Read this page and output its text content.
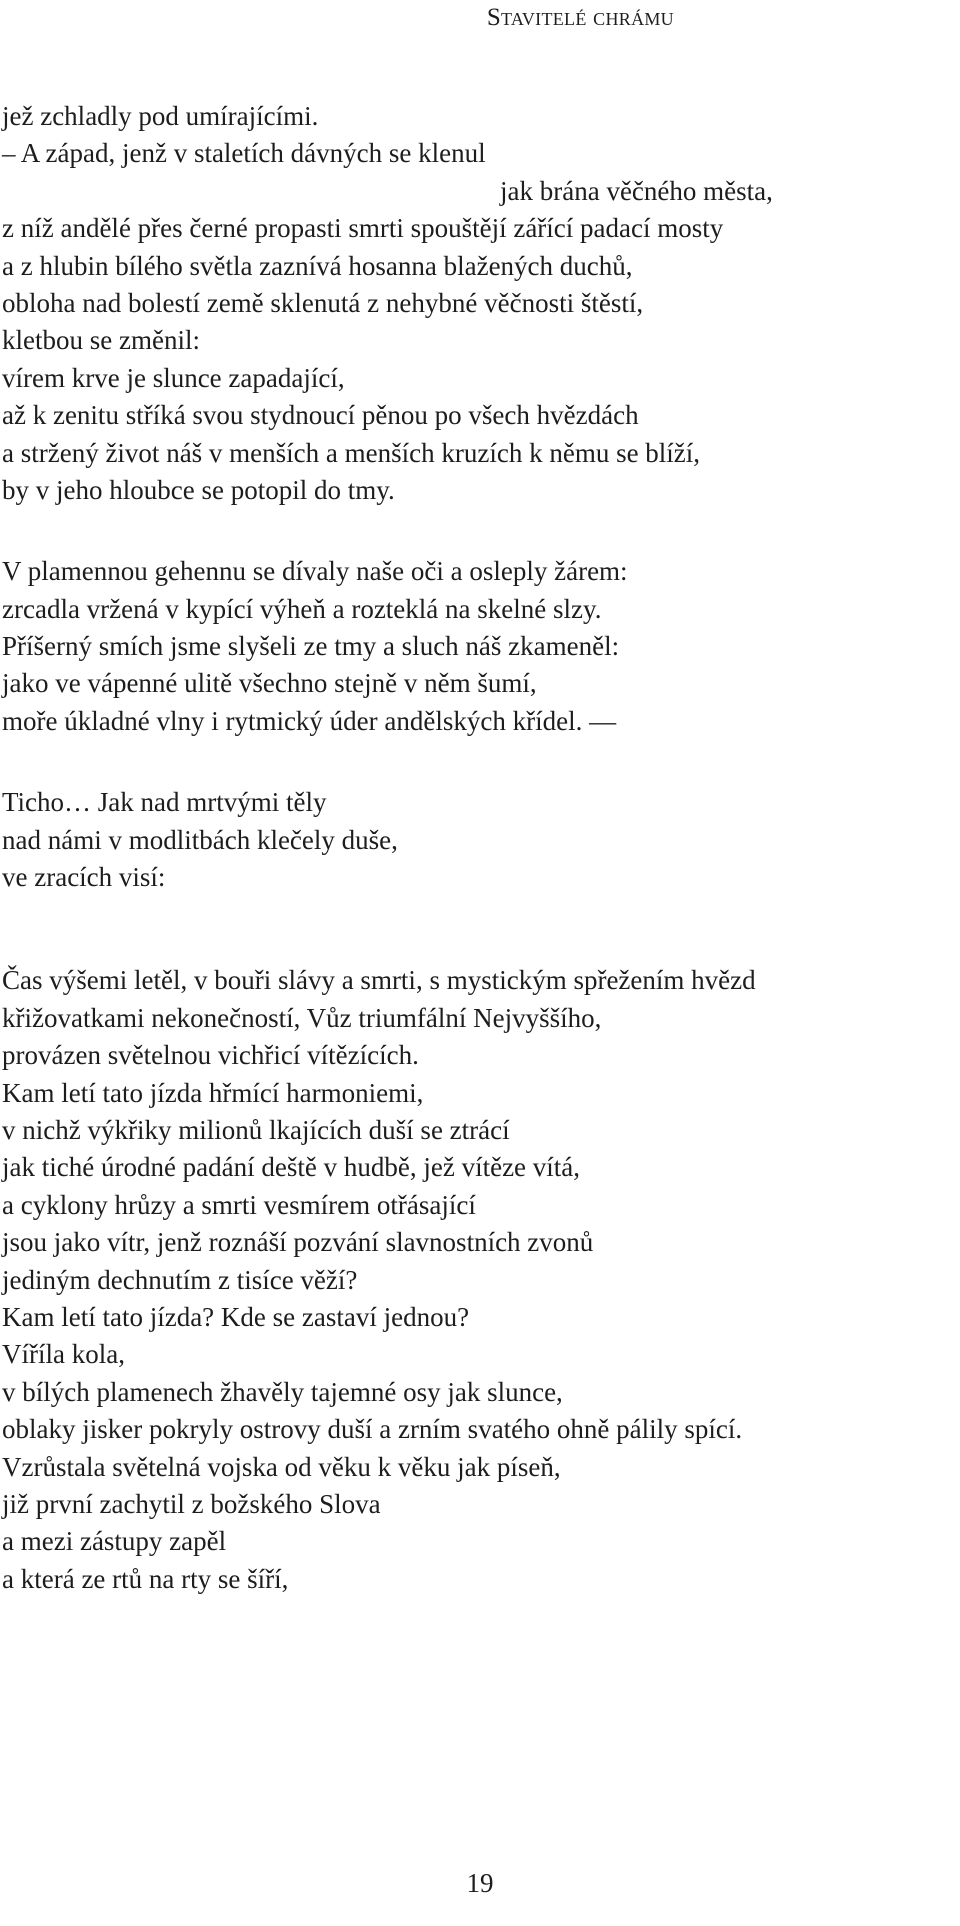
Stavitelé chrámu
jež zchladly pod umírajícími.
– A západ, jenž v staletích dávných se klenul
jak brána věčného města,
z níž andělé přes černé propasti smrti spouštějí zářící padací mosty
a z hlubin bílého světla zaznívá hosanna blažených duchů,
obloha nad bolestí země sklenutá z nehybné věčnosti štěstí,
kletbou se změnil:
vírem krve je slunce zapadající,
až k zenitu stříká svou stydnoucí pěnou po všech hvězdách
a stržený život náš v menších a menších kruzích k němu se blíží,
by v jeho hloubce se potopil do tmy.
V plamennou gehennu se dívaly naše oči a osleply žárem:
zrcadla vržená v kypící výheň a rozteklá na skelné slzy.
Příšerný smích jsme slyšeli ze tmy a sluch náš zkameněl:
jako ve vápenné ulitě všechno stejně v něm šumí,
moře úkladné vlny i rytmický úder andělských křídel. —
Ticho… Jak nad mrtvými těly
nad námi v modlitbách klečely duše,
ve zracích visí:
Čas výšemi letěl, v bouři slávy a smrti, s mystickým spřežením hvězd
křižovatkami nekonečností, Vůz triumfální Nejvyššího,
provázen světelnou vichřicí vítězících.
Kam letí tato jízda hřmící harmoniemi,
v nichž výkřiky milionů lkajících duší se ztrácí
jak tiché úrodné padání deště v hudbě, jež vítěze vítá,
a cyklony hrůzy a smrti vesmírem otřásající
jsou jako vítr, jenž roznáší pozvání slavnostních zvonů
jediným dechnutím z tisíce věží?
Kam letí tato jízda? Kde se zastaví jednou?
Víříla kola,
v bílých plamenech žhavěly tajemné osy jak slunce,
oblaky jisker pokryly ostrovy duší a zrním svatého ohně pálily spící.
Vzrůstala světelná vojska od věku k věku jak píseň,
již první zachytil z božského Slova
a mezi zástupy zapěl
a která ze rtů na rty se šíří,
19
